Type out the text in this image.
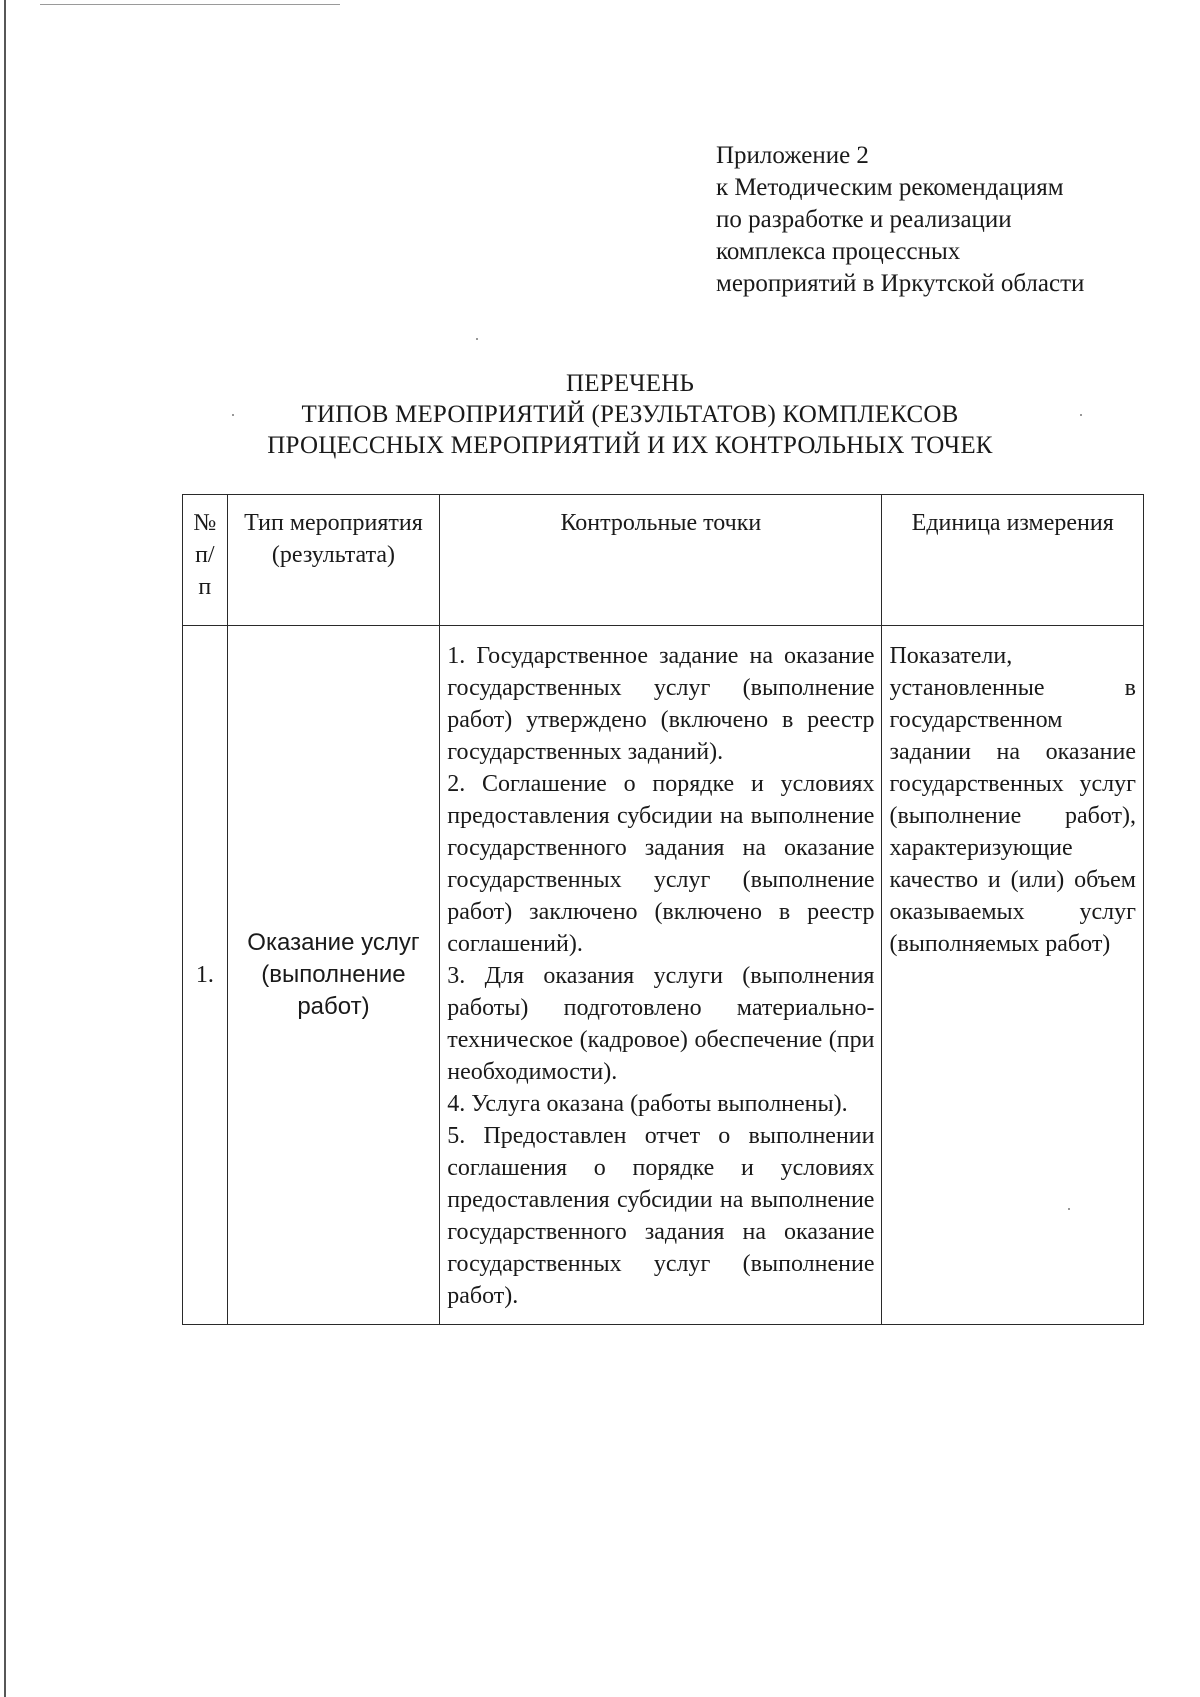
Приложение 2
к Методическим рекомендациям
по разработке и реализации
комплекса процессных
мероприятий в Иркутской области
ПЕРЕЧЕНЬ
ТИПОВ МЕРОПРИЯТИЙ (РЕЗУЛЬТАТОВ) КОМПЛЕКСОВ
ПРОЦЕССНЫХ МЕРОПРИЯТИЙ И ИХ КОНТРОЛЬНЫХ ТОЧЕК
№ п/п	Тип мероприятия (результата)	Контрольные точки	Единица измерения
1.	Оказание услуг (выполнение работ)	1. Государственное задание на оказание государственных услуг (выполнение работ) утверждено (включено в реестр государственных заданий).
2. Соглашение о порядке и условиях предоставления субсидии на выполнение государственного задания на оказание государственных услуг (выполнение работ) заключено (включено в реестр соглашений).
3. Для оказания услуги (выполнения работы) подготовлено материально-техническое (кадровое) обеспечение (при необходимости).
4. Услуга оказана (работы выполнены).
5. Предоставлен отчет о выполнении соглашения о порядке и условиях предоставления субсидии на выполнение государственного задания на оказание государственных услуг (выполнение работ).	Показатели, установленные в государственном задании на оказание государственных услуг (выполнение работ), характеризующие качество и (или) объем оказываемых услуг (выполняемых работ)
